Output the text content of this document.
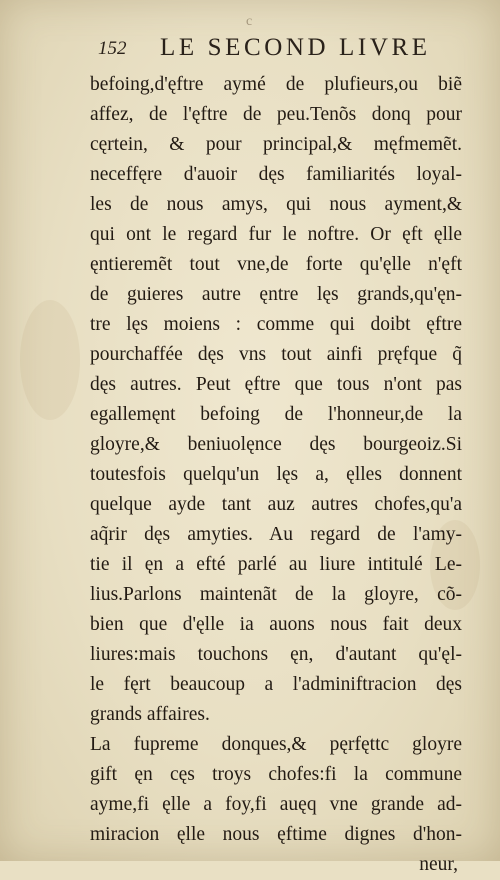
c
152 LE SECOND LIVRE
befoing,d'ęftre aymé de plufieurs,ou biẽ
affez, de l'ęftre de peu.Tenõs donq pour
cęrtein, & pour principal,& męfmemẽt.
neceffęre d'auoir dęs familiarités loyal-
les de nous amys, qui nous ayment,&
qui ont le regard fur le noftre. Or ęft ęlle
ęntieremẽt tout vne,de forte qu'ęlle n'ęft
de guieres autre ęntre lęs grands,qu'ęn-
tre lęs moiens : comme qui doibt ęftre
pourchaffée dęs vns tout ainfi pręfque q̃
dęs autres. Peut ęftre que tous n'ont pas
egallemęnt befoing de l'honneur,de la
gloyre,& beniuolęnce dęs bourgeoiz.Si
toutesfois quelqu'un lęs a, ęlles donnent
quelque ayde tant auz autres chofes,qu'a
aq̃rir dęs amyties. Au regard de l'amy-
tie il ęn a efté parlé au liure intitulé Le-
lius.Parlons maintenãt de la gloyre, cõ-
bien que d'ęlle ia auons nous fait deux
liures:mais touchons ęn, d'autant qu'ęl-
le fęrt beaucoup a l'adminiftracion dęs
grands affaires.
La fupreme donques,& pęrfęttc gloyre
gift ęn cęs troys chofes:fi la commune
ayme,fi ęlle a foy,fi auęq vne grande ad-
miracion ęlle nous ęftime dignes d'hon-
neur,
